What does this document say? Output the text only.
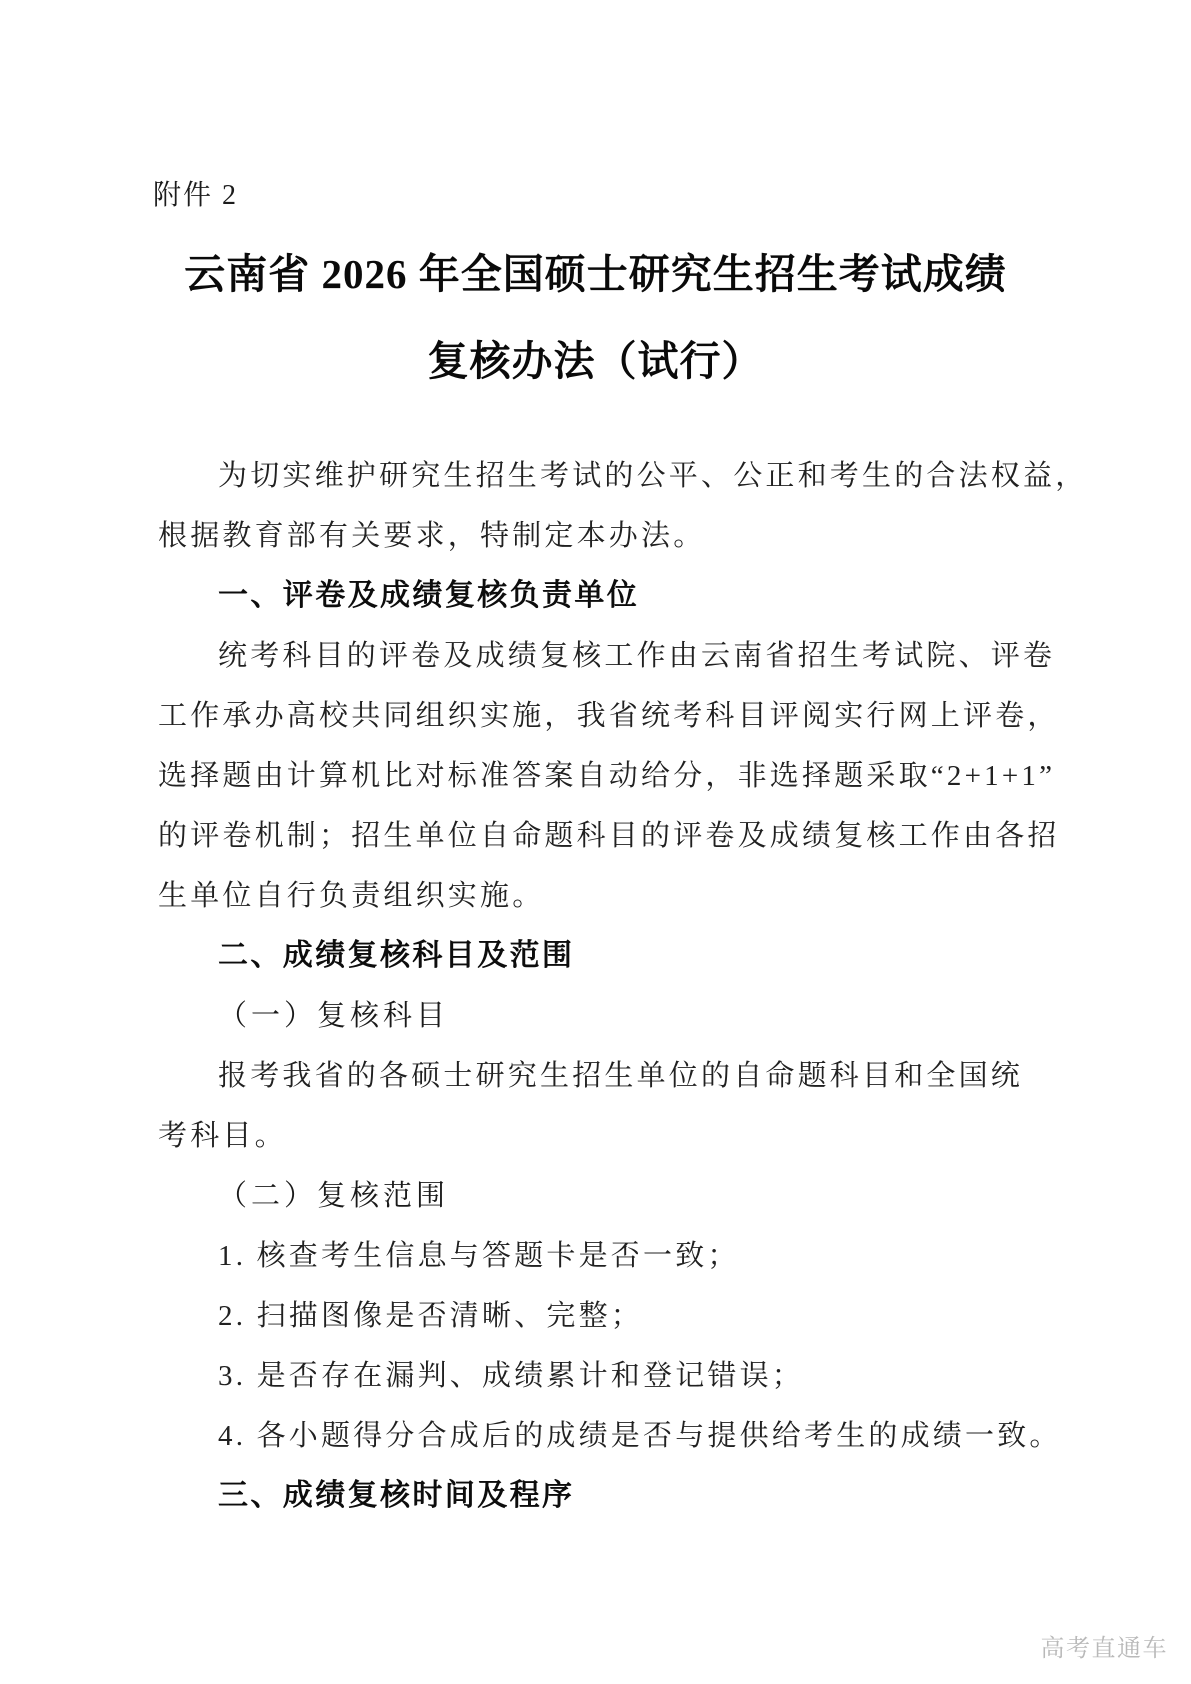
附件 2
云南省 2026 年全国硕士研究生招生考试成绩
复核办法（试行）
为切实维护研究生招生考试的公平、公正和考生的合法权益，
根据教育部有关要求，特制定本办法。
一、评卷及成绩复核负责单位
统考科目的评卷及成绩复核工作由云南省招生考试院、评卷
工作承办高校共同组织实施，我省统考科目评阅实行网上评卷，
选择题由计算机比对标准答案自动给分，非选择题采取“2+1+1”
的评卷机制；招生单位自命题科目的评卷及成绩复核工作由各招
生单位自行负责组织实施。
二、成绩复核科目及范围
（一）复核科目
报考我省的各硕士研究生招生单位的自命题科目和全国统
考科目。
（二）复核范围
1. 核查考生信息与答题卡是否一致；
2. 扫描图像是否清晰、完整；
3. 是否存在漏判、成绩累计和登记错误；
4. 各小题得分合成后的成绩是否与提供给考生的成绩一致。
三、成绩复核时间及程序
高考直通车
